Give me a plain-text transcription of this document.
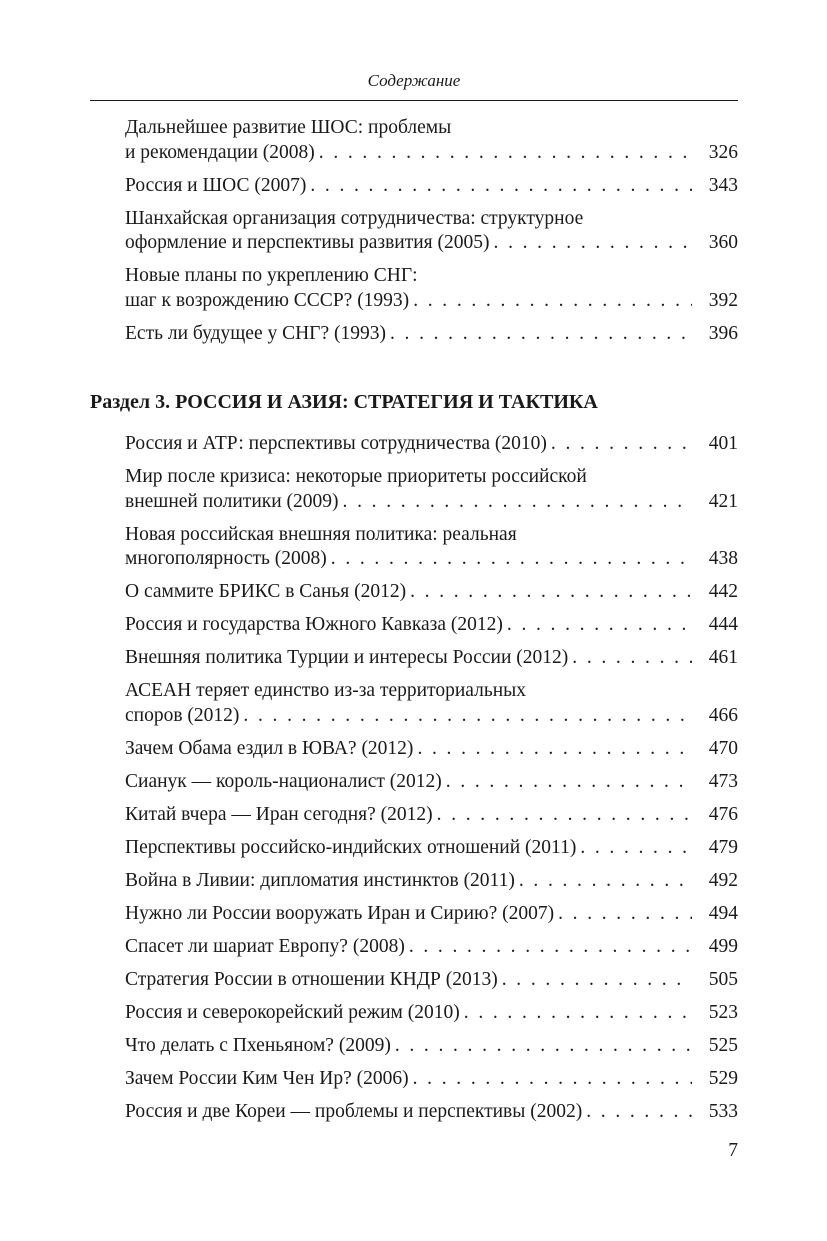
Содержание
Дальнейшее развитие ШОС: проблемы
и рекомендации (2008) . . .	326
Россия и ШОС (2007) . . .	343
Шанхайская организация сотрудничества: структурное
оформление и перспективы развития (2005) . . .	360
Новые планы по укреплению СНГ:
шаг к возрождению СССР? (1993) . . .	392
Есть ли будущее у СНГ? (1993) . . .	396
Раздел 3. РОССИЯ И АЗИЯ: СТРАТЕГИЯ И ТАКТИКА
Россия и АТР: перспективы сотрудничества (2010) . . .	401
Мир после кризиса: некоторые приоритеты российской
внешней политики (2009) . . .	421
Новая российская внешняя политика: реальная
многополярность (2008) . . .	438
О саммите БРИКС в Санья (2012) . . .	442
Россия и государства Южного Кавказа (2012) . . .	444
Внешняя политика Турции и интересы России (2012) . . .	461
АСЕАН теряет единство из-за территориальных
споров (2012) . . .	466
Зачем Обама ездил в ЮВА? (2012) . . .	470
Сианук — король-националист (2012) . . .	473
Китай вчера — Иран сегодня? (2012) . . .	476
Перспективы российско-индийских отношений (2011) . . .	479
Война в Ливии: дипломатия инстинктов (2011) . . .	492
Нужно ли России вооружать Иран и Сирию? (2007) . . .	494
Спасет ли шариат Европу? (2008) . . .	499
Стратегия России в отношении КНДР (2013) . . .	505
Россия и северокорейский режим (2010) . . .	523
Что делать с Пхеньяном? (2009) . . .	525
Зачем России Ким Чен Ир? (2006) . . .	529
Россия и две Кореи — проблемы и перспективы (2002) . . .	533
7
